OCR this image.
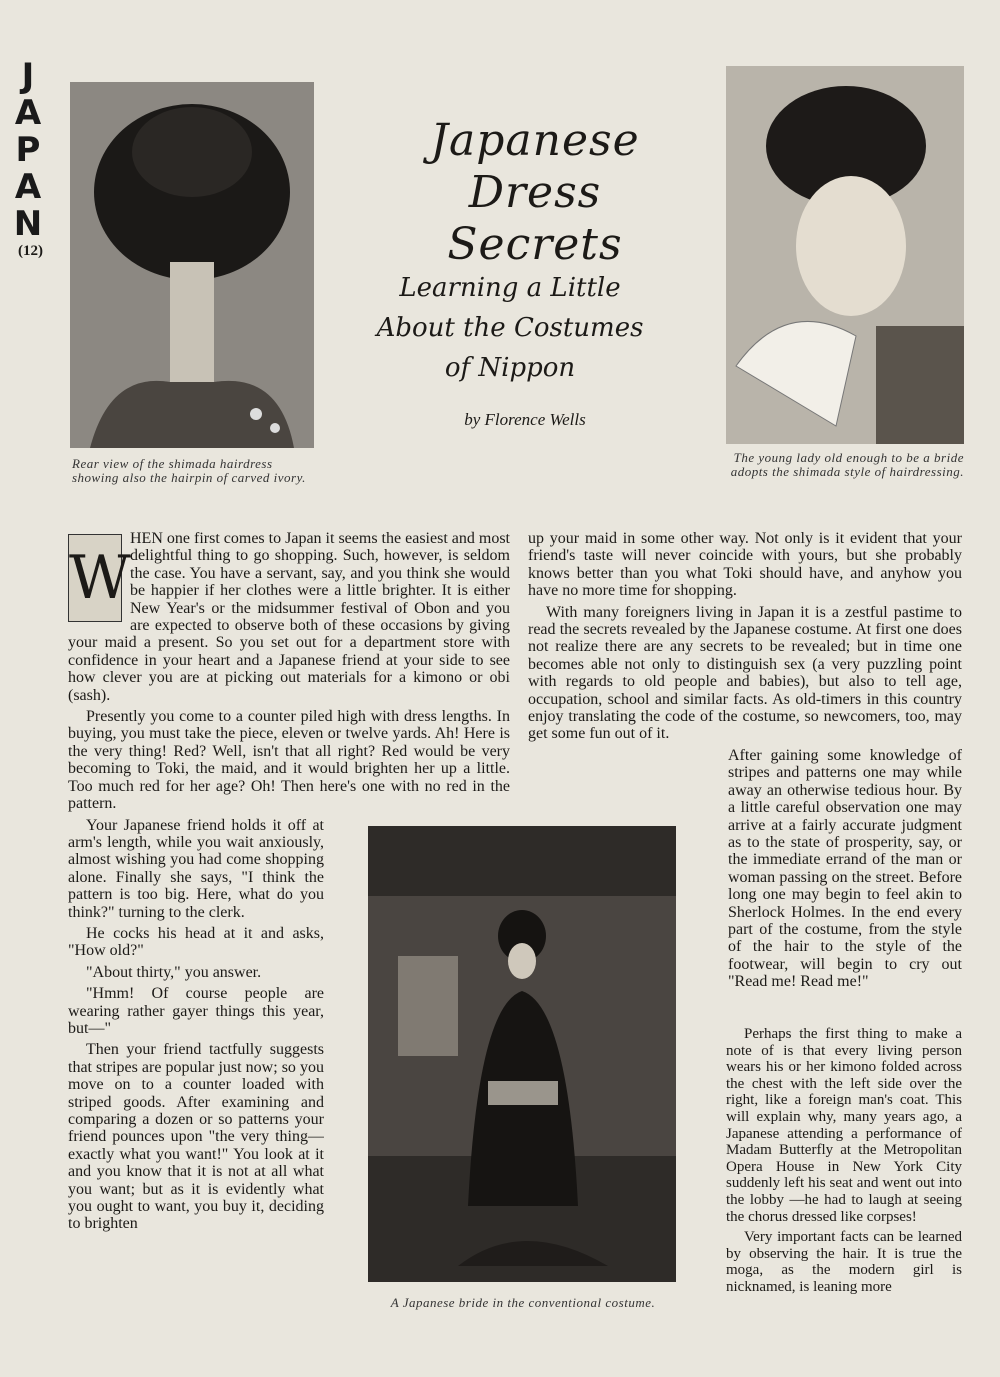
J
A
P
A
N
(12)
Rear view of the shimada hairdress showing also the hairpin of carved ivory.
Japanese
Dress Secrets
Learning a Little
About the Costumes
of Nippon
by Florence Wells
The young lady old enough to be a bride adopts the shimada style of hairdressing.
W

HEN one first comes to Japan it seems the easiest and most delightful thing to go shopping. Such, however, is seldom the case. You have a servant, say, and you think she would be happier if her clothes were a little brighter. It is either New Year's or the midsummer festival of Obon and you are expected to observe both of these occasions by giving your maid a present. So you set out for a department store with confidence in your heart and a Japanese friend at your side to see how clever you are at picking out materials for a kimono or obi (sash).

Presently you come to a counter piled high with dress lengths. In buying, you must take the piece, eleven or twelve yards. Ah! Here is the very thing! Red? Well, isn't that all right? Red would be very becoming to Toki, the maid, and it would brighten her up a little. Too much red for her age? Oh! Then here's one with no red in the pattern.

Your Japanese friend holds it off at arm's length, while you wait anxiously, almost wishing you had come shopping alone. Finally she says, "I think the pattern is too big. Here, what do you think?" turning to the clerk.

He cocks his head at it and asks, "How old?"

"About thirty," you answer.

"Hmm! Of course people are wearing rather gayer things this year, but—"

Then your friend tactfully suggests that stripes are popular just now; so you move on to a counter loaded with striped goods. After examining and comparing a dozen or so patterns your friend pounces upon "the very thing—exactly what you want!" You look at it and you know that it is not at all what you want; but as it is evidently what you ought to want, you buy it, deciding to brighten

A Japanese bride in the conventional costume.

up your maid in some other way. Not only is it evident that your friend's taste will never coincide with yours, but she probably knows better than you what Toki should have, and anyhow you have no more time for shopping.

With many foreigners living in Japan it is a zestful pastime to read the secrets revealed by the Japanese costume. At first one does not realize there are any secrets to be revealed; but in time one becomes able not only to distinguish sex (a very puzzling point with regards to old people and babies), but also to tell age, occupation, school and similar facts. As old-timers in this country enjoy translating the code of the costume, so newcomers, too, may get some fun out of it.

After gaining some knowledge of stripes and patterns one may while away an otherwise tedious hour. By a little careful observation one may arrive at a fairly accurate judgment as to the state of prosperity, say, or the immediate errand of the man or woman passing on the street. Before long one may begin to feel akin to Sherlock Holmes. In the end every part of the costume, from the style of the hair to the style of the footwear, will begin to cry out "Read me! Read me!"

Perhaps the first thing to make a note of is that every living person wears his or her kimono folded across the chest with the left side over the right, like a foreign man's coat. This will explain why, many years ago, a Japanese attending a performance of Madam Butterfly at the Metropolitan Opera House in New York City suddenly left his seat and went out into the lobby —he had to laugh at seeing the chorus dressed like corpses!

Very important facts can be learned by observing the hair. It is true the moga, as the modern girl is nicknamed, is leaning more
